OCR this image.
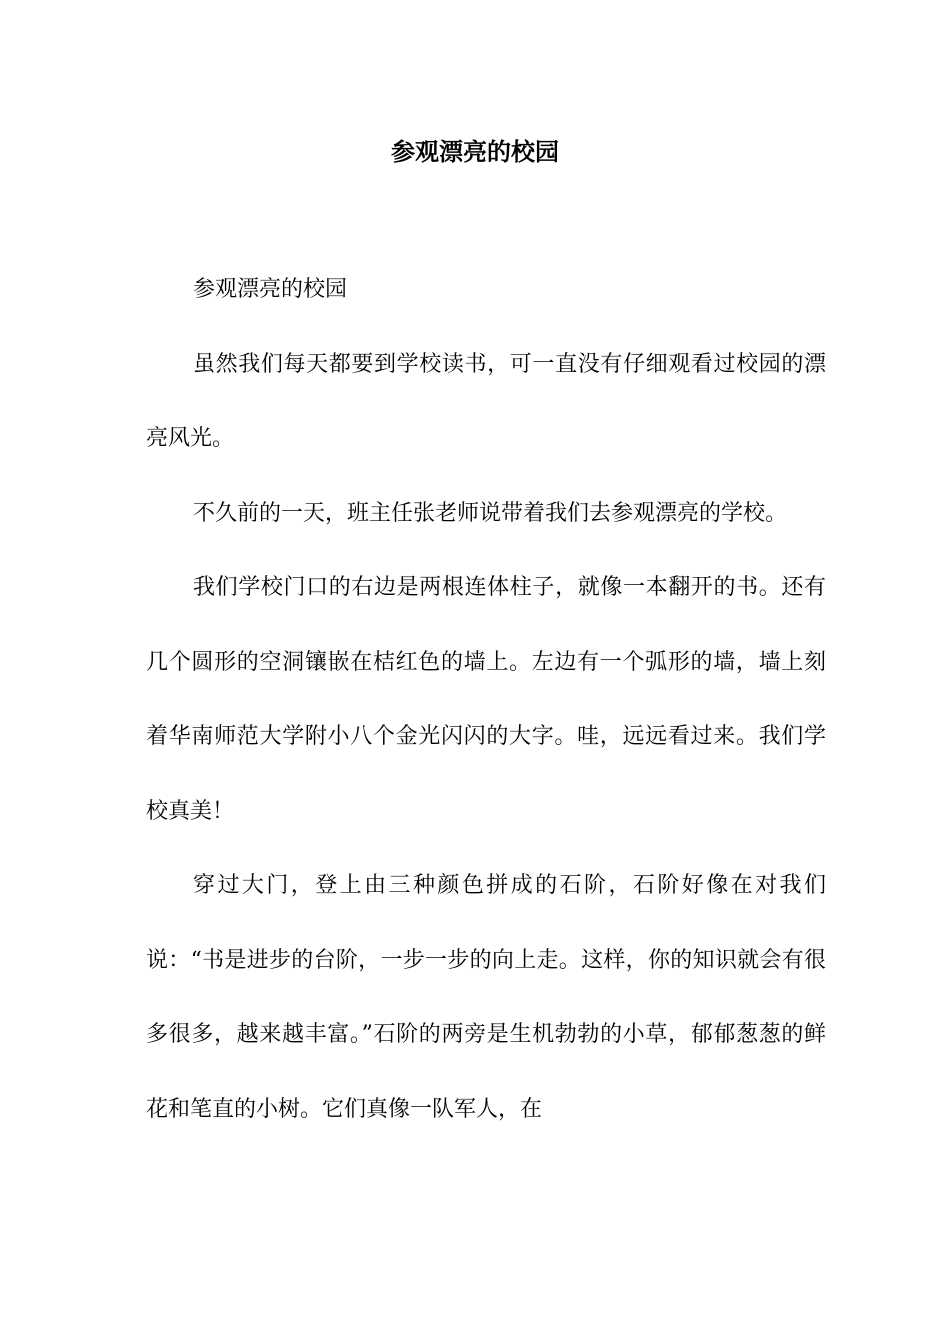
参观漂亮的校园

参观漂亮的校园

虽然我们每天都要到学校读书，可一直没有仔细观看过校园的漂亮风光。

不久前的一天，班主任张老师说带着我们去参观漂亮的学校。

我们学校门口的右边是两根连体柱子，就像一本翻开的书。还有几个圆形的空洞镶嵌在桔红色的墙上。左边有一个弧形的墙，墙上刻着华南师范大学附小八个金光闪闪的大字。哇，远远看过来。我们学校真美！

穿过大门，登上由三种颜色拼成的石阶，石阶好像在对我们说：“书是进步的台阶，一步一步的向上走。这样，你的知识就会有很多很多，越来越丰富。”石阶的两旁是生机勃勃的小草，郁郁葱葱的鲜花和笔直的小树。它们真像一队军人，在
